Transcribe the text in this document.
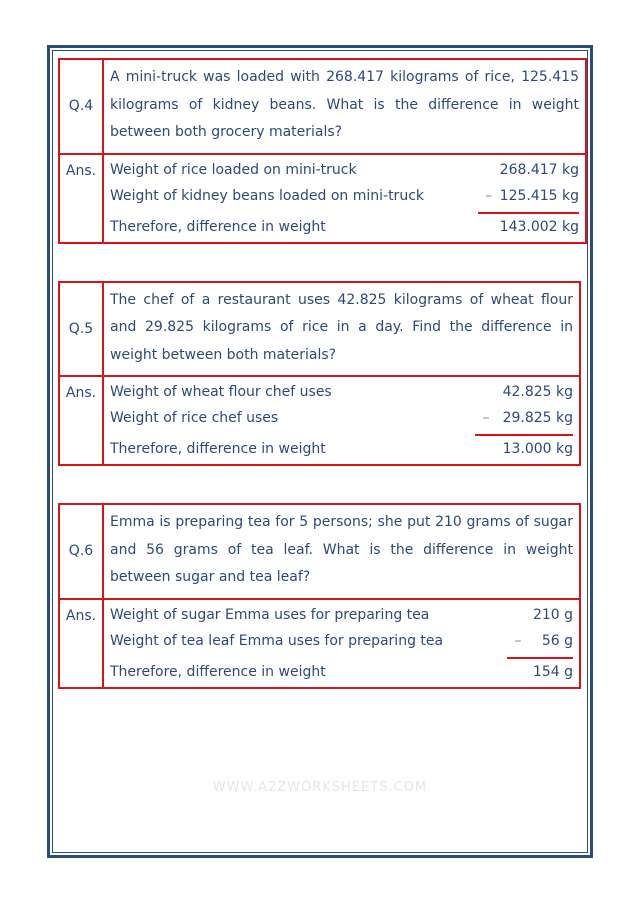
Q.4
A mini-truck was loaded with 268.417 kilograms of rice, 125.415 kilograms of kidney beans. What is the difference in weight between both grocery materials?
Ans. Weight of rice loaded on mini-truck	268.417 kg
Weight of kidney beans loaded on mini-truck	– 125.415 kg
Therefore, difference in weight	143.002 kg
Q.5
The chef of a restaurant uses 42.825 kilograms of wheat flour and 29.825 kilograms of rice in a day. Find the difference in weight between both materials?
Ans. Weight of wheat flour chef uses	42.825 kg
Weight of rice chef uses	– 29.825 kg
Therefore, difference in weight	13.000 kg
Q.6
Emma is preparing tea for 5 persons; she put 210 grams of sugar and 56 grams of tea leaf. What is the difference in weight between sugar and tea leaf?
Ans. Weight of sugar Emma uses for preparing tea	210 g
Weight of tea leaf Emma uses for preparing tea	–	56 g
Therefore, difference in weight	154 g
WWW.A2ZWORKSHEETS.COM
